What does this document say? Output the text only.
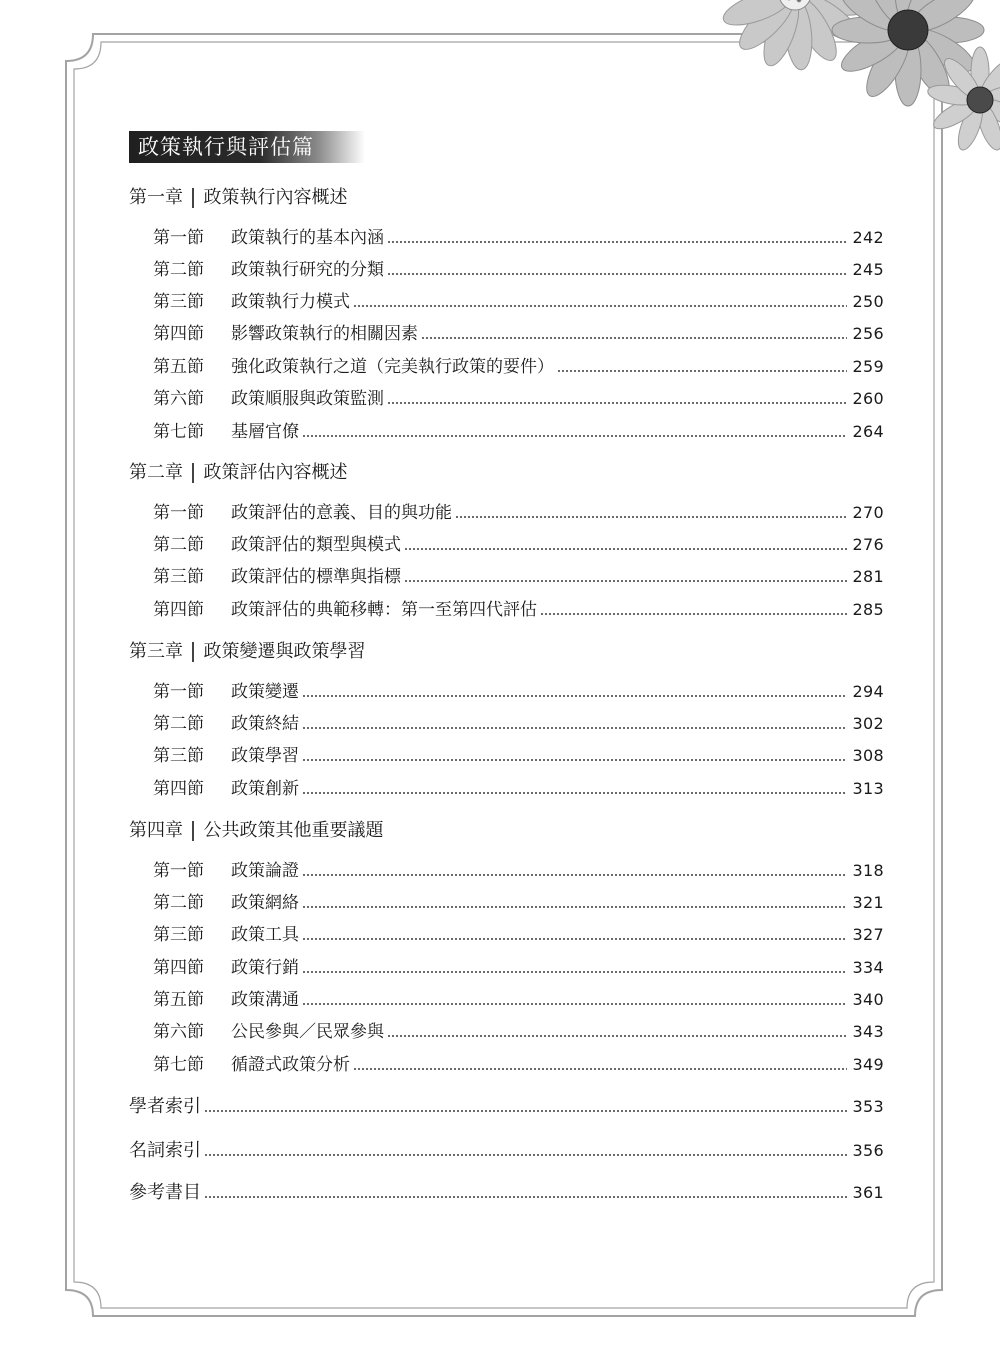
政策執行與評估篇
第一章 政策執行內容概述
第一節	政策執行的基本內涵	242
第二節	政策執行研究的分類	245
第三節	政策執行力模式	250
第四節	影響政策執行的相關因素	256
第五節	強化政策執行之道（完美執行政策的要件）	259
第六節	政策順服與政策監測	260
第七節	基層官僚	264
第二章 政策評估內容概述
第一節	政策評估的意義、目的與功能	270
第二節	政策評估的類型與模式	276
第三節	政策評估的標準與指標	281
第四節	政策評估的典範移轉：第一至第四代評估	285
第三章 政策變遷與政策學習
第一節	政策變遷	294
第二節	政策終結	302
第三節	政策學習	308
第四節	政策創新	313
第四章 公共政策其他重要議題
第一節	政策論證	318
第二節	政策網絡	321
第三節	政策工具	327
第四節	政策行銷	334
第五節	政策溝通	340
第六節	公民參與／民眾參與	343
第七節	循證式政策分析	349
學者索引	353
名詞索引	356
參考書目	361
